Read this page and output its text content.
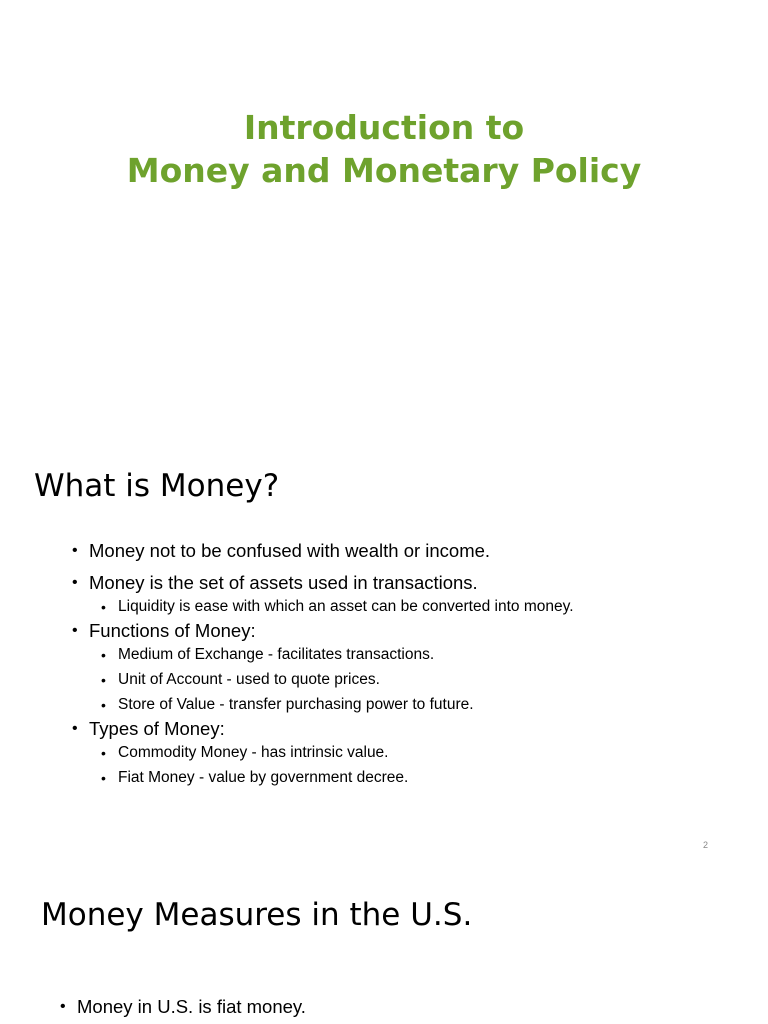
Introduction to
Money and Monetary Policy
What is Money?
• Money not to be confused with wealth or income.
• Money is the set of assets used in transactions.
• Liquidity is ease with which an asset can be converted into money.
• Functions of Money:
• Medium of Exchange - facilitates transactions.
• Unit of Account - used to quote prices.
• Store of Value - transfer purchasing power to future.
• Types of Money:
• Commodity Money - has intrinsic value.
• Fiat Money - value by government decree.
2
Money Measures in the U.S.
• Money in U.S. is fiat money.
